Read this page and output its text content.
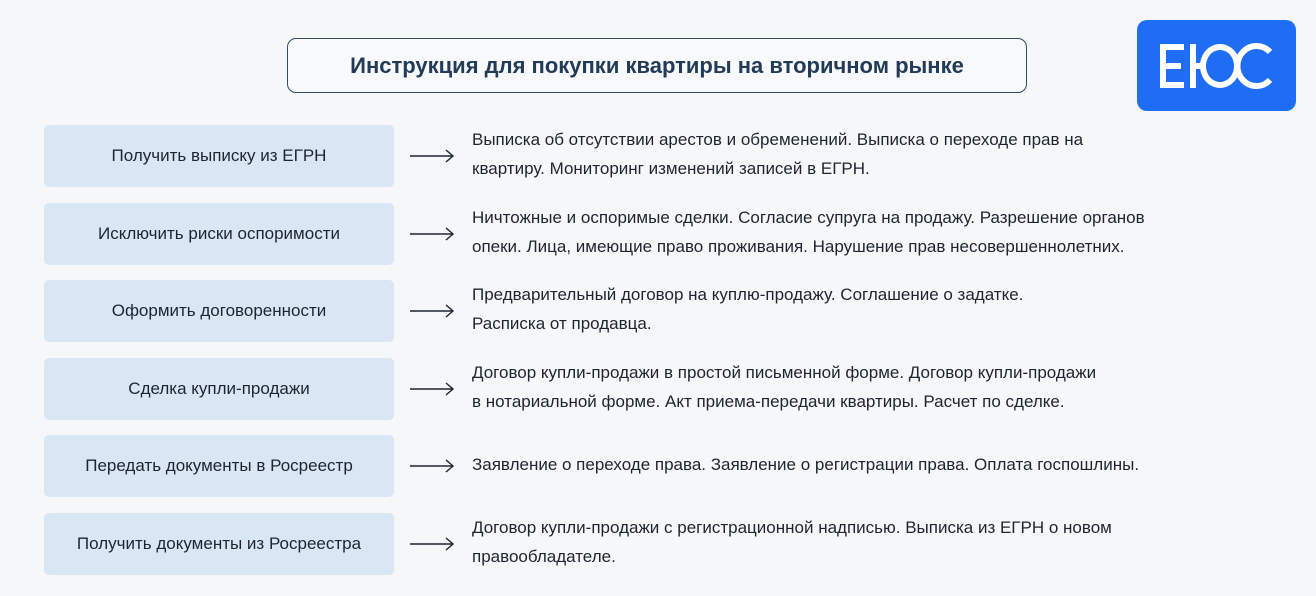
Инструкция для покупки квартиры на вторичном рынке
Получить выписку из ЕГРН
Выписка об отсутствии арестов и обременений. Выписка о переходе прав на
квартиру. Мониторинг изменений записей в ЕГРН.
Исключить риски оспоримости
Ничтожные и оспоримые сделки. Согласие супруга на продажу. Разрешение органов
опеки. Лица, имеющие право проживания. Нарушение прав несовершеннолетних.
Оформить договоренности
Предварительный договор на куплю-продажу. Соглашение о задатке.
Расписка от продавца.
Сделка купли-продажи
Договор купли-продажи в простой письменной форме. Договор купли-продажи
в нотариальной форме. Акт приема-передачи квартиры. Расчет по сделке.
Передать документы в Росреестр	Заявление о переходе права. Заявление о регистрации права. Оплата госпошлины.
Получить документы из Росреестра
Договор купли-продажи с регистрационной надписью. Выписка из ЕГРН о новом
правообладателе.
